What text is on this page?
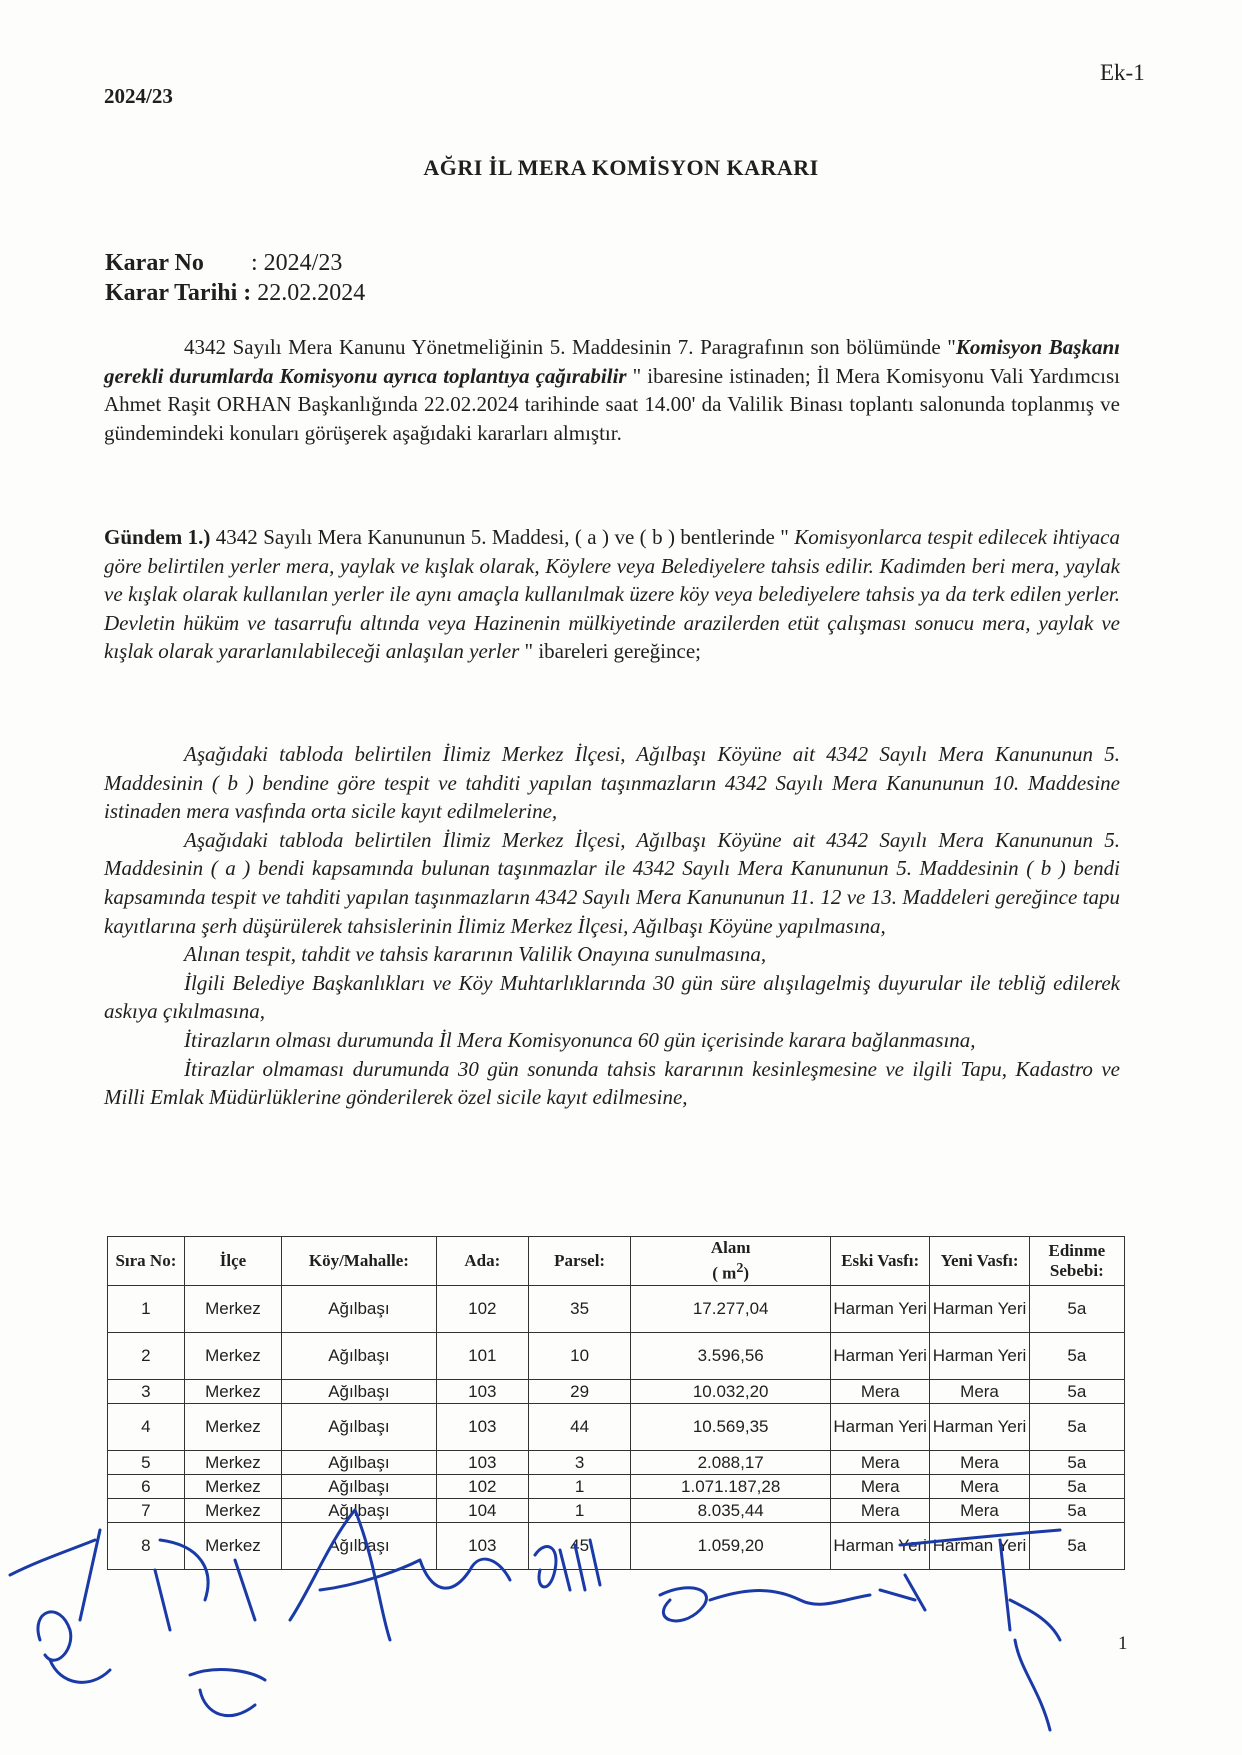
Ek-1
2024/23
AĞRI İL MERA KOMİSYON KARARI
Karar No : 2024/23
Karar Tarihi : 22.02.2024
4342 Sayılı Mera Kanunu Yönetmeliğinin 5. Maddesinin 7. Paragrafının son bölümünde "Komisyon Başkanı gerekli durumlarda Komisyonu ayrıca toplantıya çağırabilir " ibaresine istinaden; İl Mera Komisyonu Vali Yardımcısı Ahmet Raşit ORHAN Başkanlığında 22.02.2024 tarihinde saat 14.00' da Valilik Binası toplantı salonunda toplanmış ve gündemindeki konuları görüşerek aşağıdaki kararları almıştır.
Gündem 1.) 4342 Sayılı Mera Kanununun 5. Maddesi, ( a ) ve ( b ) bentlerinde " Komisyonlarca tespit edilecek ihtiyaca göre belirtilen yerler mera, yaylak ve kışlak olarak, Köylere veya Belediyelere tahsis edilir. Kadimden beri mera, yaylak ve kışlak olarak kullanılan yerler ile aynı amaçla kullanılmak üzere köy veya belediyelere tahsis ya da terk edilen yerler. Devletin hüküm ve tasarrufu altında veya Hazinenin mülkiyetinde arazilerden etüt çalışması sonucu mera, yaylak ve kışlak olarak yararlanılabileceği anlaşılan yerler " ibareleri gereğince;
Aşağıdaki tabloda belirtilen İlimiz Merkez İlçesi, Ağılbaşı Köyüne ait 4342 Sayılı Mera Kanununun 5. Maddesinin ( b ) bendine göre tespit ve tahditi yapılan taşınmazların 4342 Sayılı Mera Kanununun 10. Maddesine istinaden mera vasfında orta sicile kayıt edilmelerine,
Aşağıdaki tabloda belirtilen İlimiz Merkez İlçesi, Ağılbaşı Köyüne ait 4342 Sayılı Mera Kanununun 5. Maddesinin ( a ) bendi kapsamında bulunan taşınmazlar ile 4342 Sayılı Mera Kanununun 5. Maddesinin ( b ) bendi kapsamında tespit ve tahditi yapılan taşınmazların 4342 Sayılı Mera Kanununun 11. 12 ve 13. Maddeleri gereğince tapu kayıtlarına şerh düşürülerek tahsislerinin İlimiz Merkez İlçesi, Ağılbaşı Köyüne yapılmasına,
Alınan tespit, tahdit ve tahsis kararının Valilik Onayına sunulmasına,
İlgili Belediye Başkanlıkları ve Köy Muhtarlıklarında 30 gün süre alışılagelmiş duyurular ile tebliğ edilerek askıya çıkılmasına,
İtirazların olması durumunda İl Mera Komisyonunca 60 gün içerisinde karara bağlanmasına,
İtirazlar olmaması durumunda 30 gün sonunda tahsis kararının kesinleşmesine ve ilgili Tapu, Kadastro ve Milli Emlak Müdürlüklerine gönderilerek özel sicile kayıt edilmesine,
Sıra No:	İlçe	Köy/Mahalle:	Ada:	Parsel:	Alanı
( $m^2$)	Eski Vasfı:	Yeni Vasfı:	Edinme Sebebi:
1	Merkez	Ağılbaşı	102	35	17.277,04	Harman Yeri	Harman Yeri	5a
2	Merkez	Ağılbaşı	101	10	3.596,56	Harman Yeri	Harman Yeri	5a
3	Merkez	Ağılbaşı	103	29	10.032,20	Mera	Mera	5a
4	Merkez	Ağılbaşı	103	44	10.569,35	Harman Yeri	Harman Yeri	5a
5	Merkez	Ağılbaşı	103	3	2.088,17	Mera	Mera	5a
6	Merkez	Ağılbaşı	102	1	1.071.187,28	Mera	Mera	5a
7	Merkez	Ağılbaşı	104	1	8.035,44	Mera	Mera	5a
8	Merkez	Ağılbaşı	103	45	1.059,20	Harman Yeri	Harman Yeri	5a
1
